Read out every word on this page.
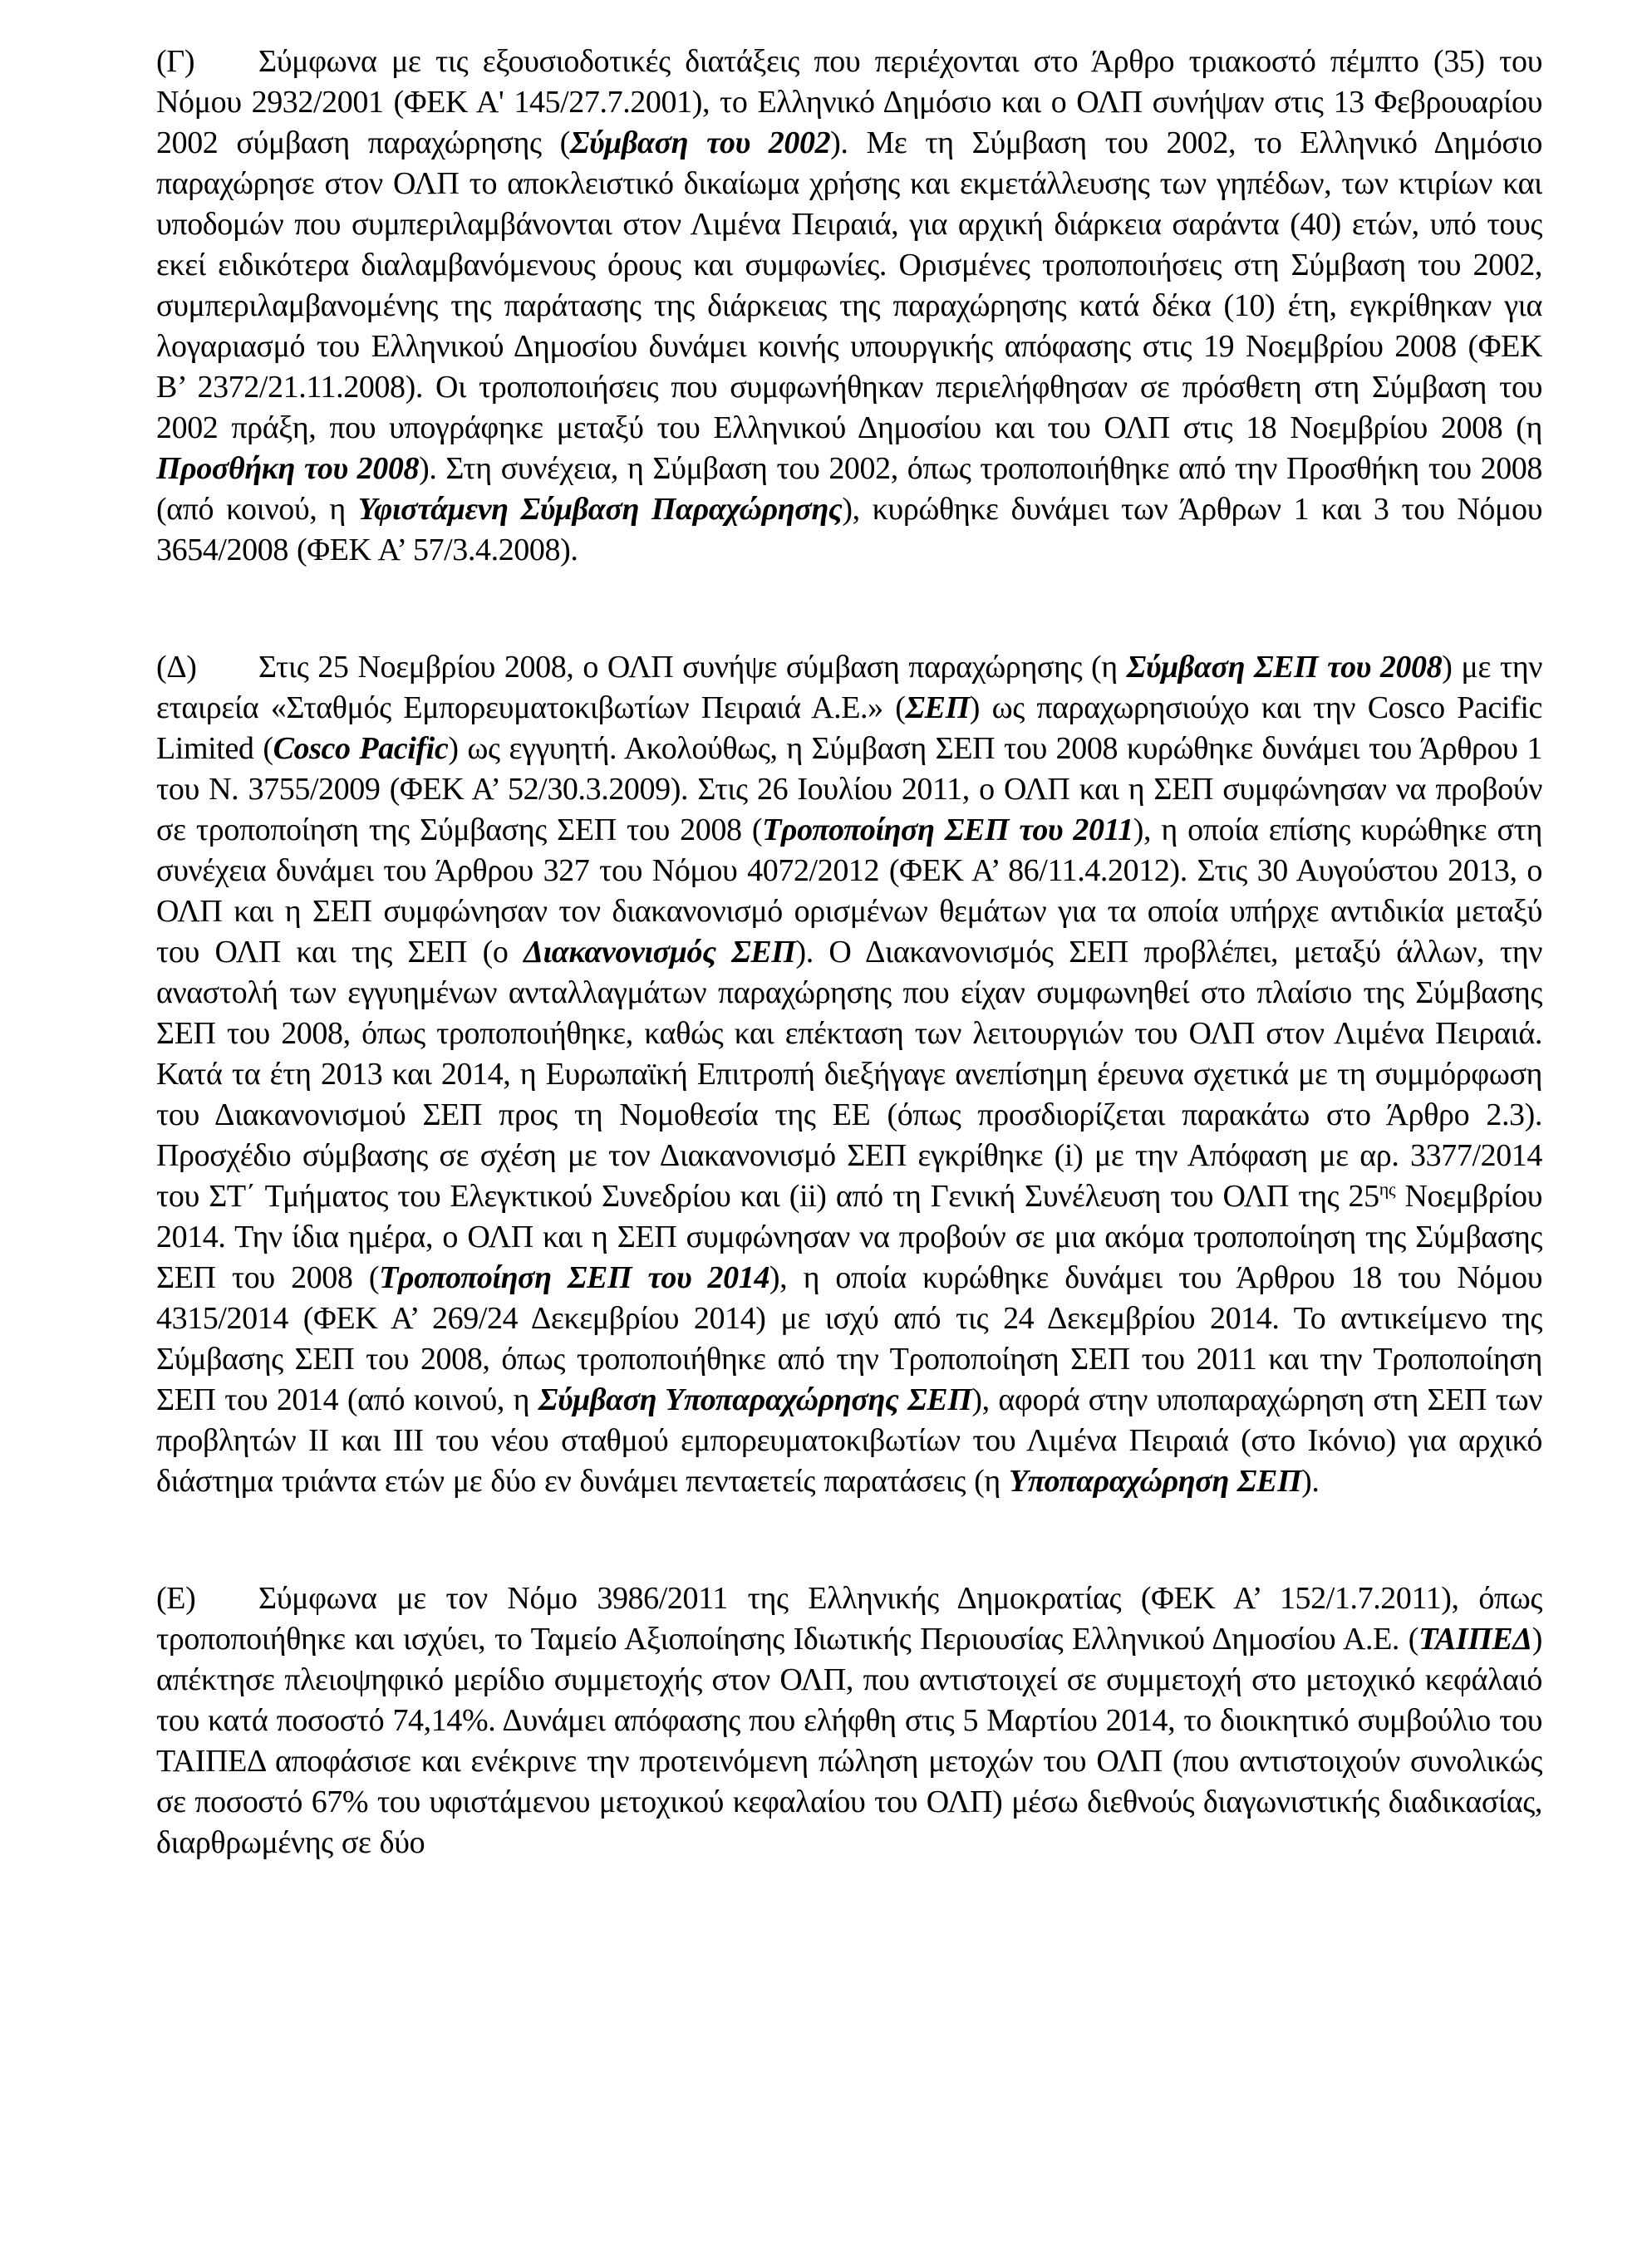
(Γ) Σύμφωνα με τις εξουσιοδοτικές διατάξεις που περιέχονται στο Άρθρο τριακοστό πέμπτο (35) του Νόμου 2932/2001 (ΦΕΚ Α' 145/27.7.2001), το Ελληνικό Δημόσιο και ο ΟΛΠ συνήψαν στις 13 Φεβρουαρίου 2002 σύμβαση παραχώρησης (Σύμβαση του 2002). Με τη Σύμβαση του 2002, το Ελληνικό Δημόσιο παραχώρησε στον ΟΛΠ το αποκλειστικό δικαίωμα χρήσης και εκμετάλλευσης των γηπέδων, των κτιρίων και υποδομών που συμπεριλαμβάνονται στον Λιμένα Πειραιά, για αρχική διάρκεια σαράντα (40) ετών, υπό τους εκεί ειδικότερα διαλαμβανόμενους όρους και συμφωνίες. Ορισμένες τροποποιήσεις στη Σύμβαση του 2002, συμπεριλαμβανομένης της παράτασης της διάρκειας της παραχώρησης κατά δέκα (10) έτη, εγκρίθηκαν για λογαριασμό του Ελληνικού Δημοσίου δυνάμει κοινής υπουργικής απόφασης στις 19 Νοεμβρίου 2008 (ΦΕΚ Β’ 2372/21.11.2008). Οι τροποποιήσεις που συμφωνήθηκαν περιελήφθησαν σε πρόσθετη στη Σύμβαση του 2002 πράξη, που υπογράφηκε μεταξύ του Ελληνικού Δημοσίου και του ΟΛΠ στις 18 Νοεμβρίου 2008 (η Προσθήκη του 2008). Στη συνέχεια, η Σύμβαση του 2002, όπως τροποποιήθηκε από την Προσθήκη του 2008 (από κοινού, η Υφιστάμενη Σύμβαση Παραχώρησης), κυρώθηκε δυνάμει των Άρθρων 1 και 3 του Νόμου 3654/2008 (ΦΕΚ Α’ 57/3.4.2008).

(Δ) Στις 25 Νοεμβρίου 2008, ο ΟΛΠ συνήψε σύμβαση παραχώρησης (η Σύμβαση ΣΕΠ του 2008) με την εταιρεία «Σταθμός Εμπορευματοκιβωτίων Πειραιά Α.Ε.» (ΣΕΠ) ως παραχωρησιούχο και την Cosco Pacific Limited (Cosco Pacific) ως εγγυητή. Ακολούθως, η Σύμβαση ΣΕΠ του 2008 κυρώθηκε δυνάμει του Άρθρου 1 του Ν. 3755/2009 (ΦΕΚ Α’ 52/30.3.2009). Στις 26 Ιουλίου 2011, ο ΟΛΠ και η ΣΕΠ συμφώνησαν να προβούν σε τροποποίηση της Σύμβασης ΣΕΠ του 2008 (Τροποποίηση ΣΕΠ του 2011), η οποία επίσης κυρώθηκε στη συνέχεια δυνάμει του Άρθρου 327 του Νόμου 4072/2012 (ΦΕΚ Α’ 86/11.4.2012). Στις 30 Αυγούστου 2013, ο ΟΛΠ και η ΣΕΠ συμφώνησαν τον διακανονισμό ορισμένων θεμάτων για τα οποία υπήρχε αντιδικία μεταξύ του ΟΛΠ και της ΣΕΠ (ο Διακανονισμός ΣΕΠ). Ο Διακανονισμός ΣΕΠ προβλέπει, μεταξύ άλλων, την αναστολή των εγγυημένων ανταλλαγμάτων παραχώρησης που είχαν συμφωνηθεί στο πλαίσιο της Σύμβασης ΣΕΠ του 2008, όπως τροποποιήθηκε, καθώς και επέκταση των λειτουργιών του ΟΛΠ στον Λιμένα Πειραιά. Κατά τα έτη 2013 και 2014, η Ευρωπαϊκή Επιτροπή διεξήγαγε ανεπίσημη έρευνα σχετικά με τη συμμόρφωση του Διακανονισμού ΣΕΠ προς τη Νομοθεσία της ΕΕ (όπως προσδιορίζεται παρακάτω στο Άρθρο 2.3). Προσχέδιο σύμβασης σε σχέση με τον Διακανονισμό ΣΕΠ εγκρίθηκε (i) με την Απόφαση με αρ. 3377/2014 του ΣΤ΄ Τμήματος του Ελεγκτικού Συνεδρίου και (ii) από τη Γενική Συνέλευση του ΟΛΠ της $25^{\eta\varsigma}$ Νοεμβρίου 2014. Την ίδια ημέρα, ο ΟΛΠ και η ΣΕΠ συμφώνησαν να προβούν σε μια ακόμα τροποποίηση της Σύμβασης ΣΕΠ του 2008 (Τροποποίηση ΣΕΠ του 2014), η οποία κυρώθηκε δυνάμει του Άρθρου 18 του Νόμου 4315/2014 (ΦΕΚ Α’ 269/24 Δεκεμβρίου 2014) με ισχύ από τις 24 Δεκεμβρίου 2014. Το αντικείμενο της Σύμβασης ΣΕΠ του 2008, όπως τροποποιήθηκε από την Τροποποίηση ΣΕΠ του 2011 και την Τροποποίηση ΣΕΠ του 2014 (από κοινού, η Σύμβαση Υποπαραχώρησης ΣΕΠ), αφορά στην υποπαραχώρηση στη ΣΕΠ των προβλητών ΙΙ και ΙΙΙ του νέου σταθμού εμπορευματοκιβωτίων του Λιμένα Πειραιά (στο Ικόνιο) για αρχικό διάστημα τριάντα ετών με δύο εν δυνάμει πενταετείς παρατάσεις (η Υποπαραχώρηση ΣΕΠ).

(Ε) Σύμφωνα με τον Νόμο 3986/2011 της Ελληνικής Δημοκρατίας (ΦΕΚ Α’ 152/1.7.2011), όπως τροποποιήθηκε και ισχύει, το Ταμείο Αξιοποίησης Ιδιωτικής Περιουσίας Ελληνικού Δημοσίου Α.Ε. (ΤΑΙΠΕΔ) απέκτησε πλειοψηφικό μερίδιο συμμετοχής στον ΟΛΠ, που αντιστοιχεί σε συμμετοχή στο μετοχικό κεφάλαιό του κατά ποσοστό 74,14%. Δυνάμει απόφασης που ελήφθη στις 5 Μαρτίου 2014, το διοικητικό συμβούλιο του ΤΑΙΠΕΔ αποφάσισε και ενέκρινε την προτεινόμενη πώληση μετοχών του ΟΛΠ (που αντιστοιχούν συνολικώς σε ποσοστό 67% του υφιστάμενου μετοχικού κεφαλαίου του ΟΛΠ) μέσω διεθνούς διαγωνιστικής διαδικασίας, διαρθρωμένης σε δύο
